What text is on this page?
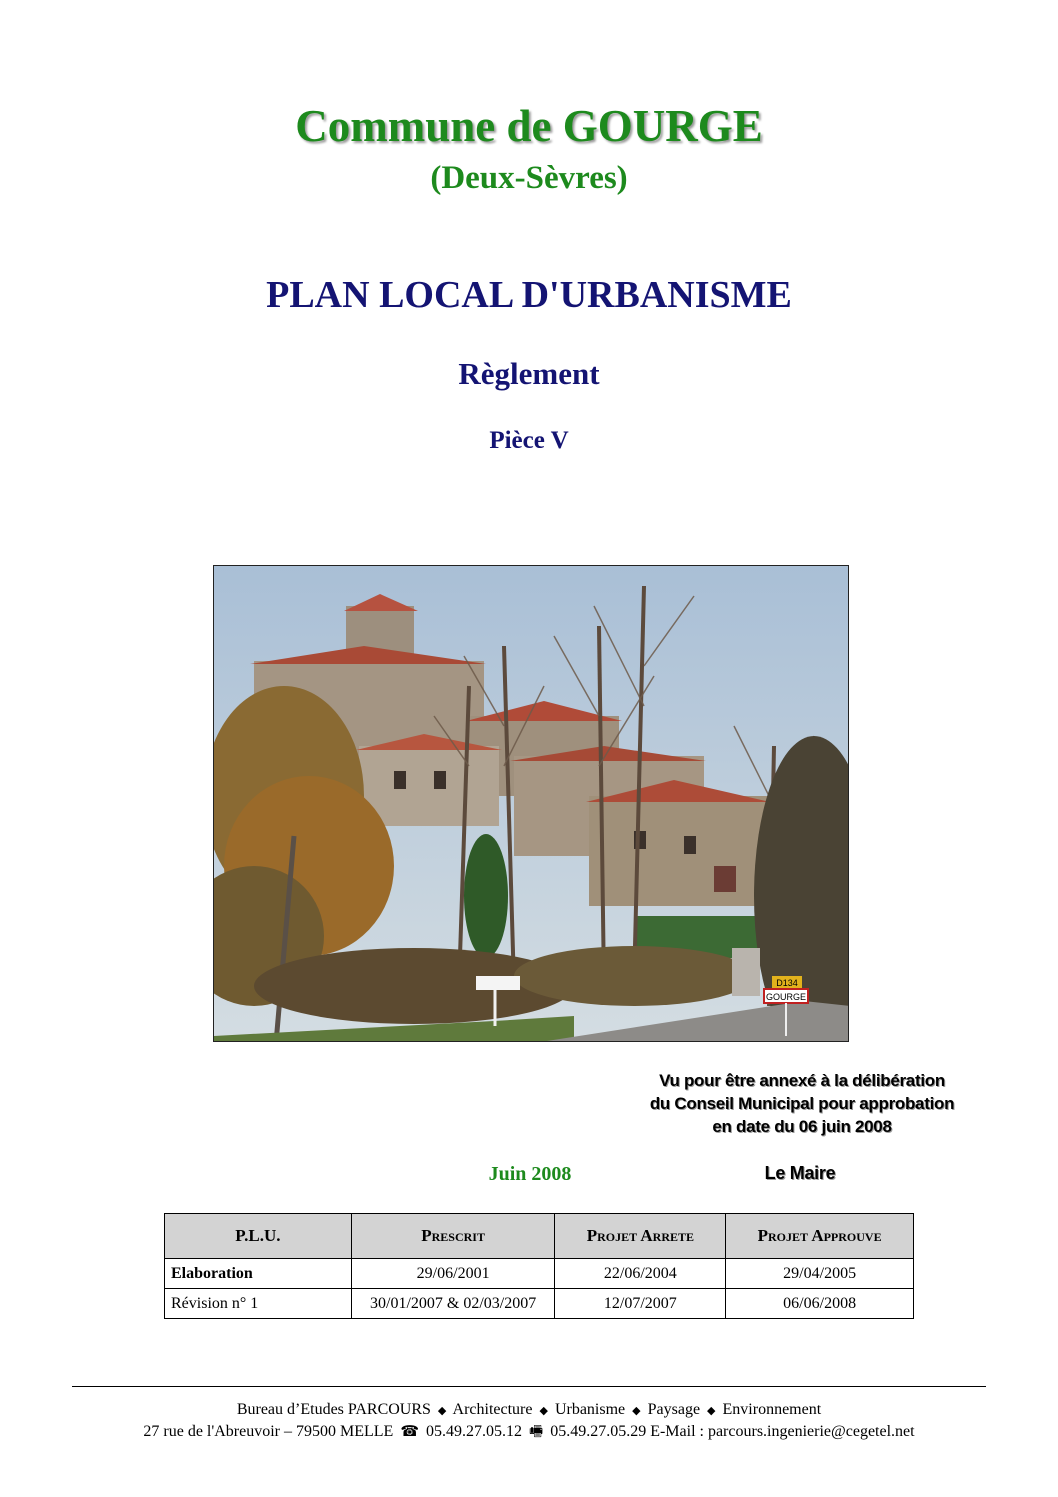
Commune de GOURGE
(Deux-Sèvres)
PLAN LOCAL D'URBANISME
Règlement
Pièce V
D134
GOURGE
Vu pour être annexé à la délibération
du Conseil Municipal pour approbation
en date du 06 juin 2008
Juin 2008	Le Maire
P.L.U.	Prescrit	Projet Arrete	Projet Approuve
Elaboration	29/06/2001	22/06/2004	29/04/2005
Révision n° 1	30/01/2007 & 02/03/2007	12/07/2007	06/06/2008
Bureau d’Etudes PARCOURS ◆ Architecture ◆ Urbanisme ◆ Paysage ◆ Environnement
27 rue de l'Abreuvoir – 79500 MELLE ☎ 05.49.27.05.12 🖷 05.49.27.05.29 E-Mail : parcours.ingenierie@cegetel.net
